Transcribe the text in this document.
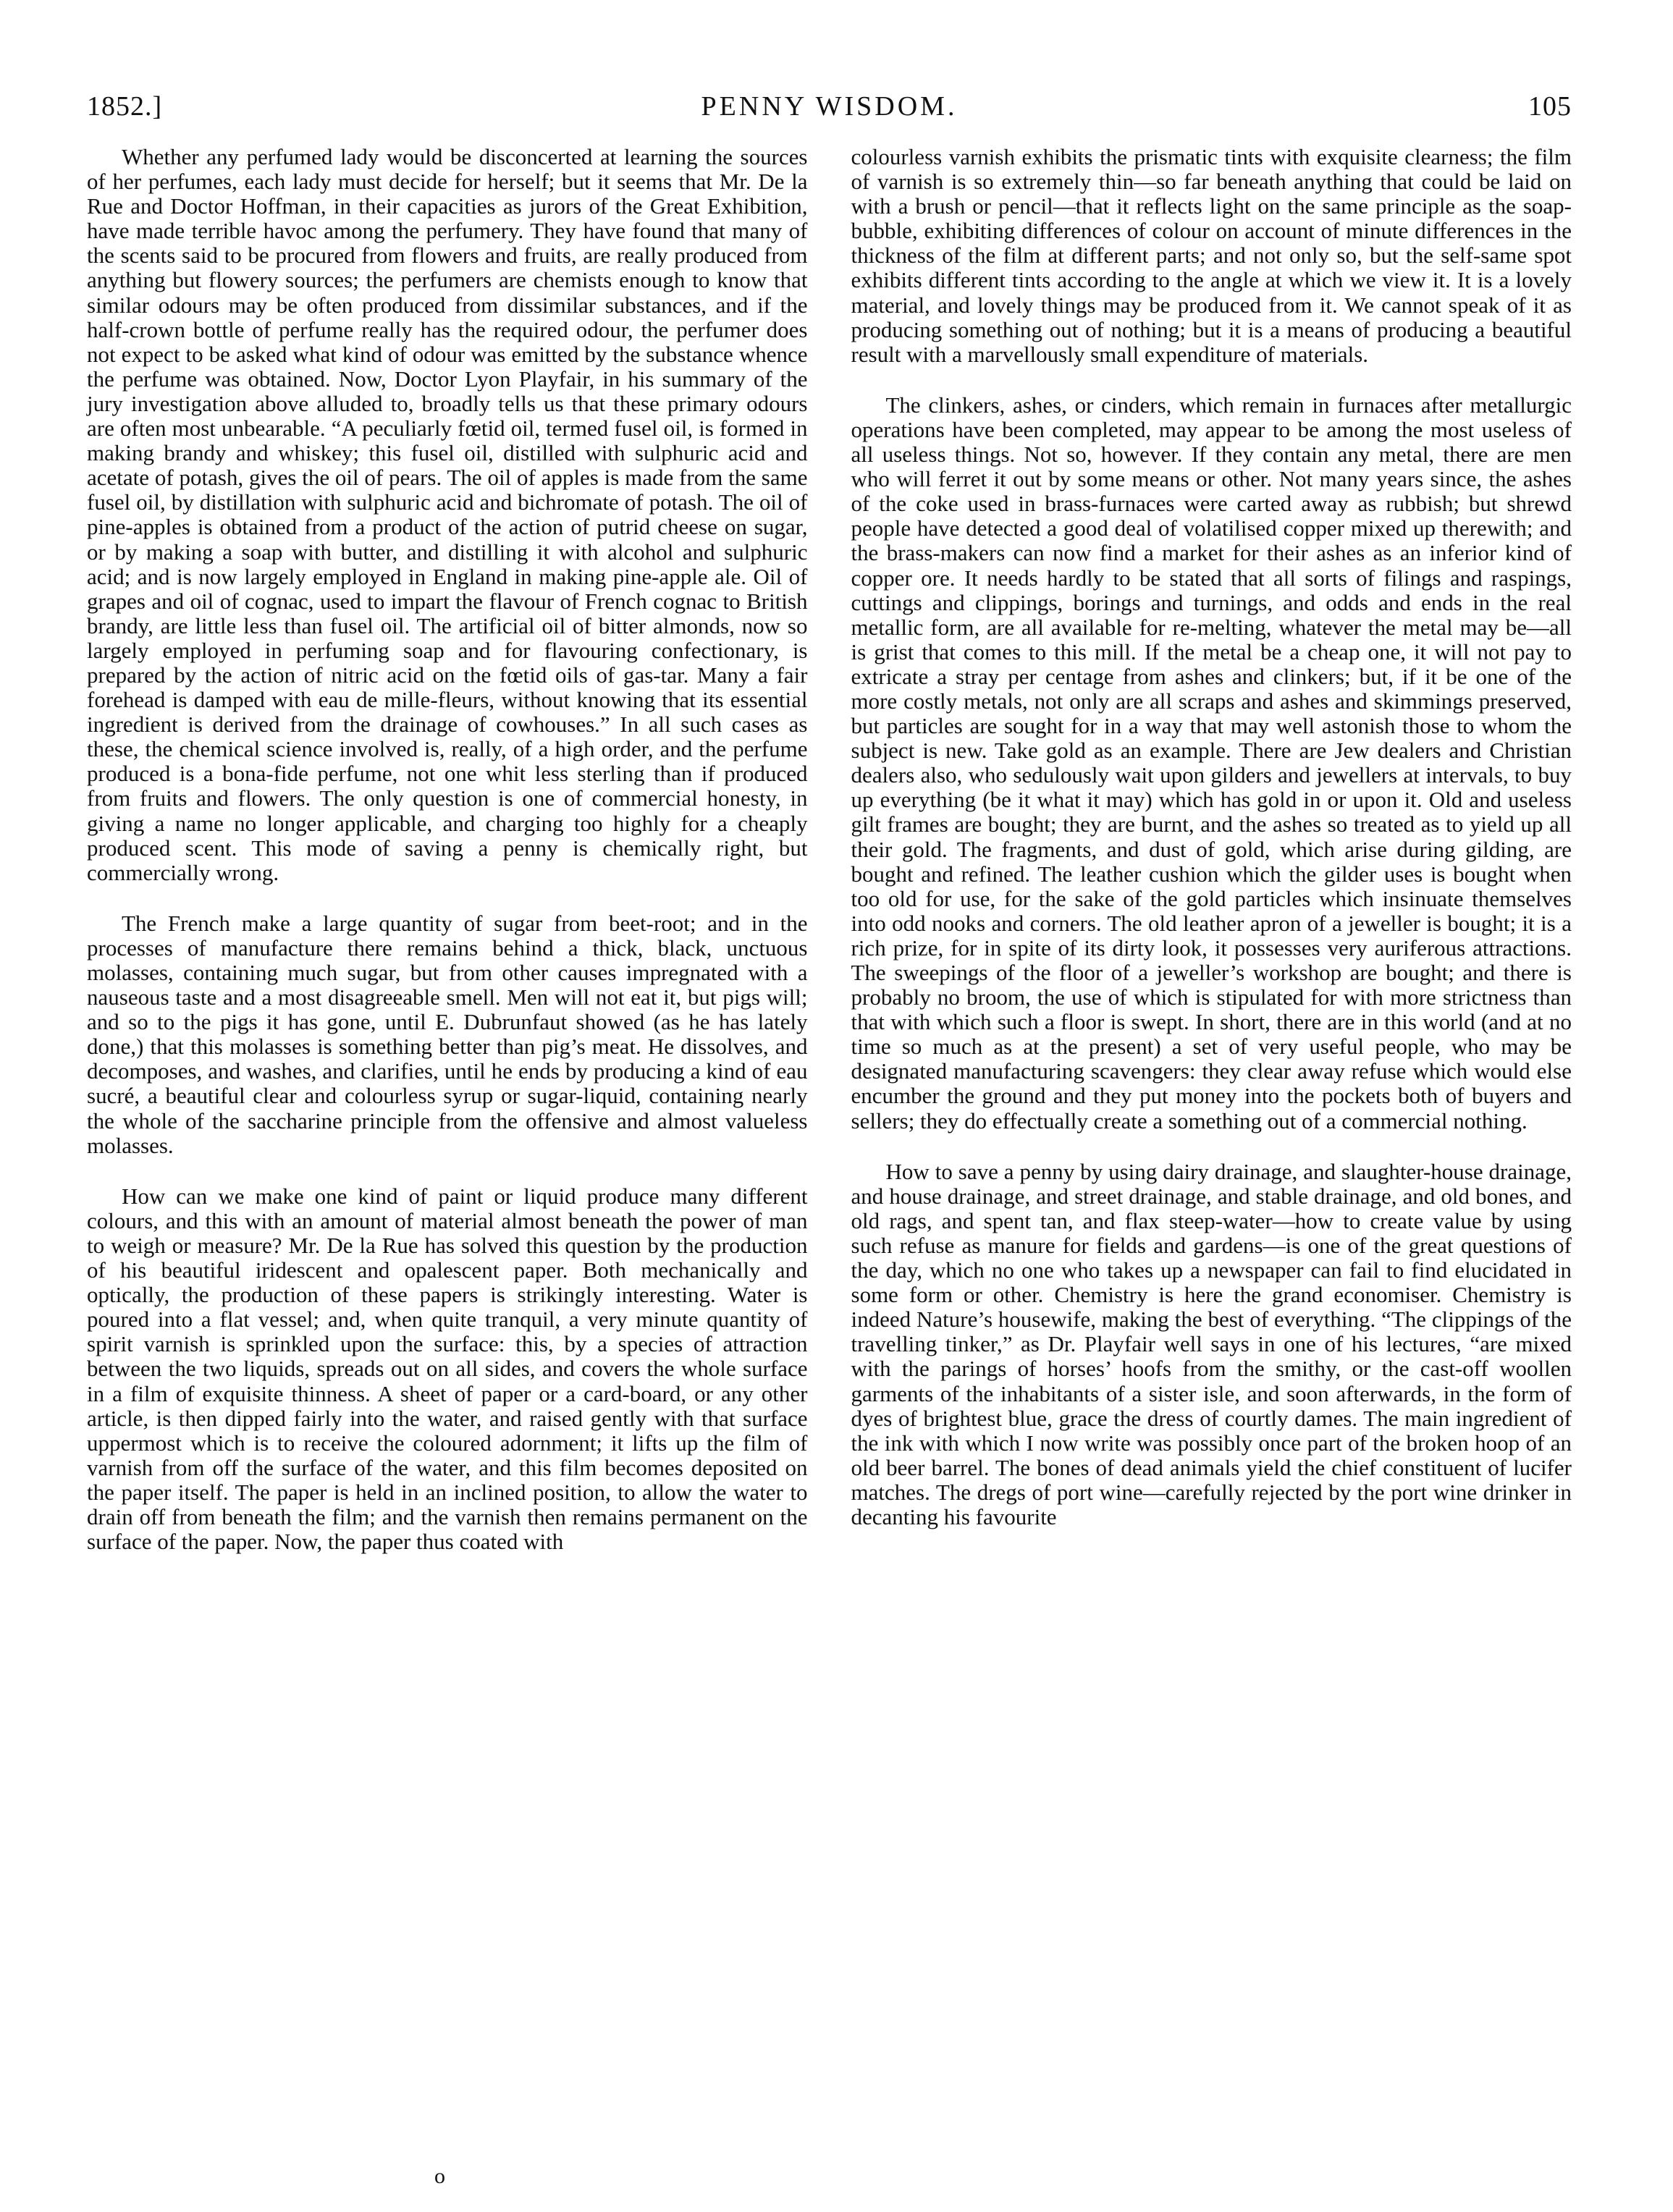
1852.]	PENNY WISDOM.	105

Whether any perfumed lady would be disconcerted at learning the sources of her perfumes, each lady must decide for herself; but it seems that Mr. De la Rue and Doctor Hoffman, in their capacities as jurors of the Great Exhibition, have made terrible havoc among the perfumery. They have found that many of the scents said to be procured from flowers and fruits, are really produced from anything but flowery sources; the perfumers are chemists enough to know that similar odours may be often produced from dissimilar substances, and if the half-crown bottle of perfume really has the required odour, the perfumer does not expect to be asked what kind of odour was emitted by the substance whence the perfume was obtained. Now, Doctor Lyon Playfair, in his summary of the jury investigation above alluded to, broadly tells us that these primary odours are often most unbearable. “A peculiarly fœtid oil, termed fusel oil, is formed in making brandy and whiskey; this fusel oil, distilled with sulphuric acid and acetate of potash, gives the oil of pears. The oil of apples is made from the same fusel oil, by distillation with sulphuric acid and bichromate of potash. The oil of pine-apples is obtained from a product of the action of putrid cheese on sugar, or by making a soap with butter, and distilling it with alcohol and sulphuric acid; and is now largely employed in England in making pine-apple ale. Oil of grapes and oil of cognac, used to impart the flavour of French cognac to British brandy, are little less than fusel oil. The artificial oil of bitter almonds, now so largely employed in perfuming soap and for flavouring confectionary, is prepared by the action of nitric acid on the fœtid oils of gas-tar. Many a fair forehead is damped with eau de mille-fleurs, without knowing that its essential ingredient is derived from the drainage of cowhouses.” In all such cases as these, the chemical science involved is, really, of a high order, and the perfume produced is a bona-fide perfume, not one whit less sterling than if produced from fruits and flowers. The only question is one of commercial honesty, in giving a name no longer applicable, and charging too highly for a cheaply produced scent. This mode of saving a penny is chemically right, but commercially wrong.

The French make a large quantity of sugar from beet-root; and in the processes of manufacture there remains behind a thick, black, unctuous molasses, containing much sugar, but from other causes impregnated with a nauseous taste and a most disagreeable smell. Men will not eat it, but pigs will; and so to the pigs it has gone, until E. Dubrunfaut showed (as he has lately done,) that this molasses is something better than pig’s meat. He dissolves, and decomposes, and washes, and clarifies, until he ends by producing a kind of eau sucré, a beautiful clear and colourless syrup or sugar-liquid, containing nearly the whole of the saccharine principle from the offensive and almost valueless molasses.

How can we make one kind of paint or liquid produce many different colours, and this with an amount of material almost beneath the power of man to weigh or measure? Mr. De la Rue has solved this question by the production of his beautiful iridescent and opalescent paper. Both mechanically and optically, the production of these papers is strikingly interesting. Water is poured into a flat vessel; and, when quite tranquil, a very minute quantity of spirit varnish is sprinkled upon the surface: this, by a species of attraction between the two liquids, spreads out on all sides, and covers the whole surface in a film of exquisite thinness. A sheet of paper or a card-board, or any other article, is then dipped fairly into the water, and raised gently with that surface uppermost which is to receive the coloured adornment; it lifts up the film of varnish from off the surface of the water, and this film becomes deposited on the paper itself. The paper is held in an inclined position, to allow the water to drain off from beneath the film; and the varnish then remains permanent on the surface of the paper. Now, the paper thus coated with

colourless varnish exhibits the prismatic tints with exquisite clearness; the film of varnish is so extremely thin—so far beneath anything that could be laid on with a brush or pencil—that it reflects light on the same principle as the soap-bubble, exhibiting differences of colour on account of minute differences in the thickness of the film at different parts; and not only so, but the self-same spot exhibits different tints according to the angle at which we view it. It is a lovely material, and lovely things may be produced from it. We cannot speak of it as producing something out of nothing; but it is a means of producing a beautiful result with a marvellously small expenditure of materials.

The clinkers, ashes, or cinders, which remain in furnaces after metallurgic operations have been completed, may appear to be among the most useless of all useless things. Not so, however. If they contain any metal, there are men who will ferret it out by some means or other. Not many years since, the ashes of the coke used in brass-furnaces were carted away as rubbish; but shrewd people have detected a good deal of volatilised copper mixed up therewith; and the brass-makers can now find a market for their ashes as an inferior kind of copper ore. It needs hardly to be stated that all sorts of filings and raspings, cuttings and clippings, borings and turnings, and odds and ends in the real metallic form, are all available for re-melting, whatever the metal may be—all is grist that comes to this mill. If the metal be a cheap one, it will not pay to extricate a stray per centage from ashes and clinkers; but, if it be one of the more costly metals, not only are all scraps and ashes and skimmings preserved, but particles are sought for in a way that may well astonish those to whom the subject is new. Take gold as an example. There are Jew dealers and Christian dealers also, who sedulously wait upon gilders and jewellers at intervals, to buy up everything (be it what it may) which has gold in or upon it. Old and useless gilt frames are bought; they are burnt, and the ashes so treated as to yield up all their gold. The fragments, and dust of gold, which arise during gilding, are bought and refined. The leather cushion which the gilder uses is bought when too old for use, for the sake of the gold particles which insinuate themselves into odd nooks and corners. The old leather apron of a jeweller is bought; it is a rich prize, for in spite of its dirty look, it possesses very auriferous attractions. The sweepings of the floor of a jeweller’s workshop are bought; and there is probably no broom, the use of which is stipulated for with more strictness than that with which such a floor is swept. In short, there are in this world (and at no time so much as at the present) a set of very useful people, who may be designated manufacturing scavengers: they clear away refuse which would else encumber the ground and they put money into the pockets both of buyers and sellers; they do effectually create a something out of a commercial nothing.

How to save a penny by using dairy drainage, and slaughter-house drainage, and house drainage, and street drainage, and stable drainage, and old bones, and old rags, and spent tan, and flax steep-water—how to create value by using such refuse as manure for fields and gardens—is one of the great questions of the day, which no one who takes up a newspaper can fail to find elucidated in some form or other. Chemistry is here the grand economiser. Chemistry is indeed Nature’s housewife, making the best of everything. “The clippings of the travelling tinker,” as Dr. Playfair well says in one of his lectures, “are mixed with the parings of horses’ hoofs from the smithy, or the cast-off woollen garments of the inhabitants of a sister isle, and soon afterwards, in the form of dyes of brightest blue, grace the dress of courtly dames. The main ingredient of the ink with which I now write was possibly once part of the broken hoop of an old beer barrel. The bones of dead animals yield the chief constituent of lucifer matches. The dregs of port wine—carefully rejected by the port wine drinker in decanting his favourite

o
